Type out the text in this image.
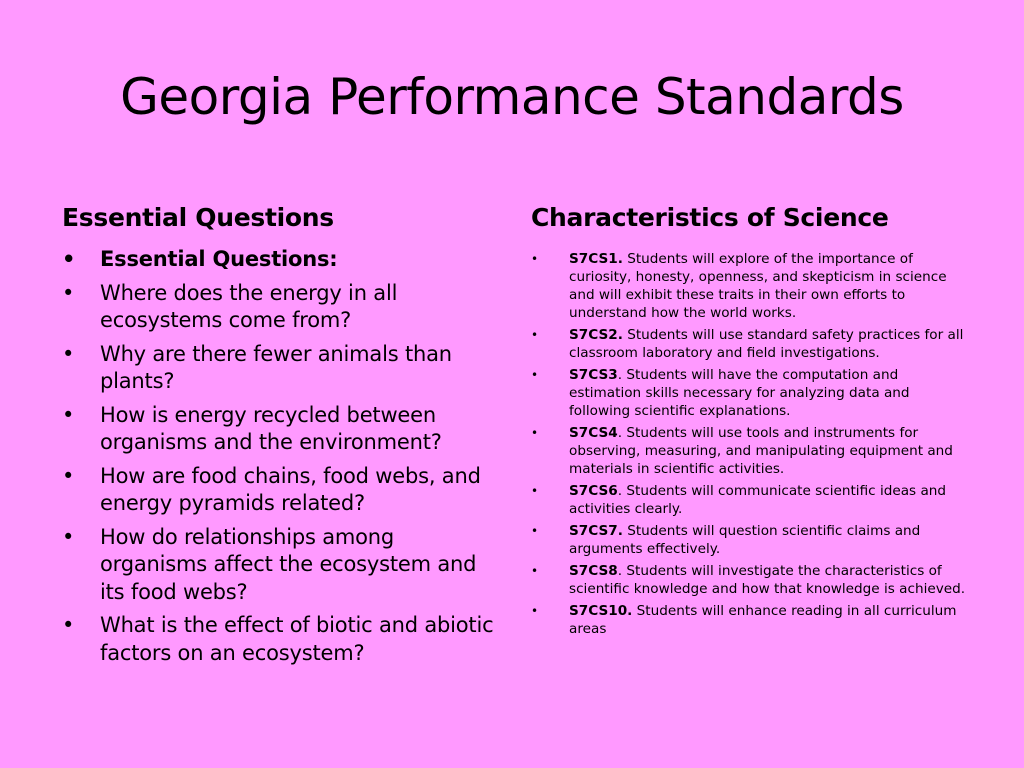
Georgia Performance Standards
Essential Questions
• Essential Questions:
• Where does the energy in all ecosystems come from?
• Why are there fewer animals than plants?
• How is energy recycled between organisms and the environment?
• How are food chains, food webs, and energy pyramids related?
• How do relationships among organisms affect the ecosystem and its food webs?
• What is the effect of biotic and abiotic factors on an ecosystem?
Characteristics of Science
• S7CS1. Students will explore of the importance of curiosity, honesty, openness, and skepticism in science and will exhibit these traits in their own efforts to understand how the world works.
• S7CS2. Students will use standard safety practices for all classroom laboratory and field investigations.
• S7CS3. Students will have the computation and estimation skills necessary for analyzing data and following scientific explanations.
• S7CS4. Students will use tools and instruments for observing, measuring, and manipulating equipment and materials in scientific activities.
• S7CS6. Students will communicate scientific ideas and activities clearly.
• S7CS7. Students will question scientific claims and arguments effectively.
• S7CS8. Students will investigate the characteristics of scientific knowledge and how that knowledge is achieved.
• S7CS10. Students will enhance reading in all curriculum areas
